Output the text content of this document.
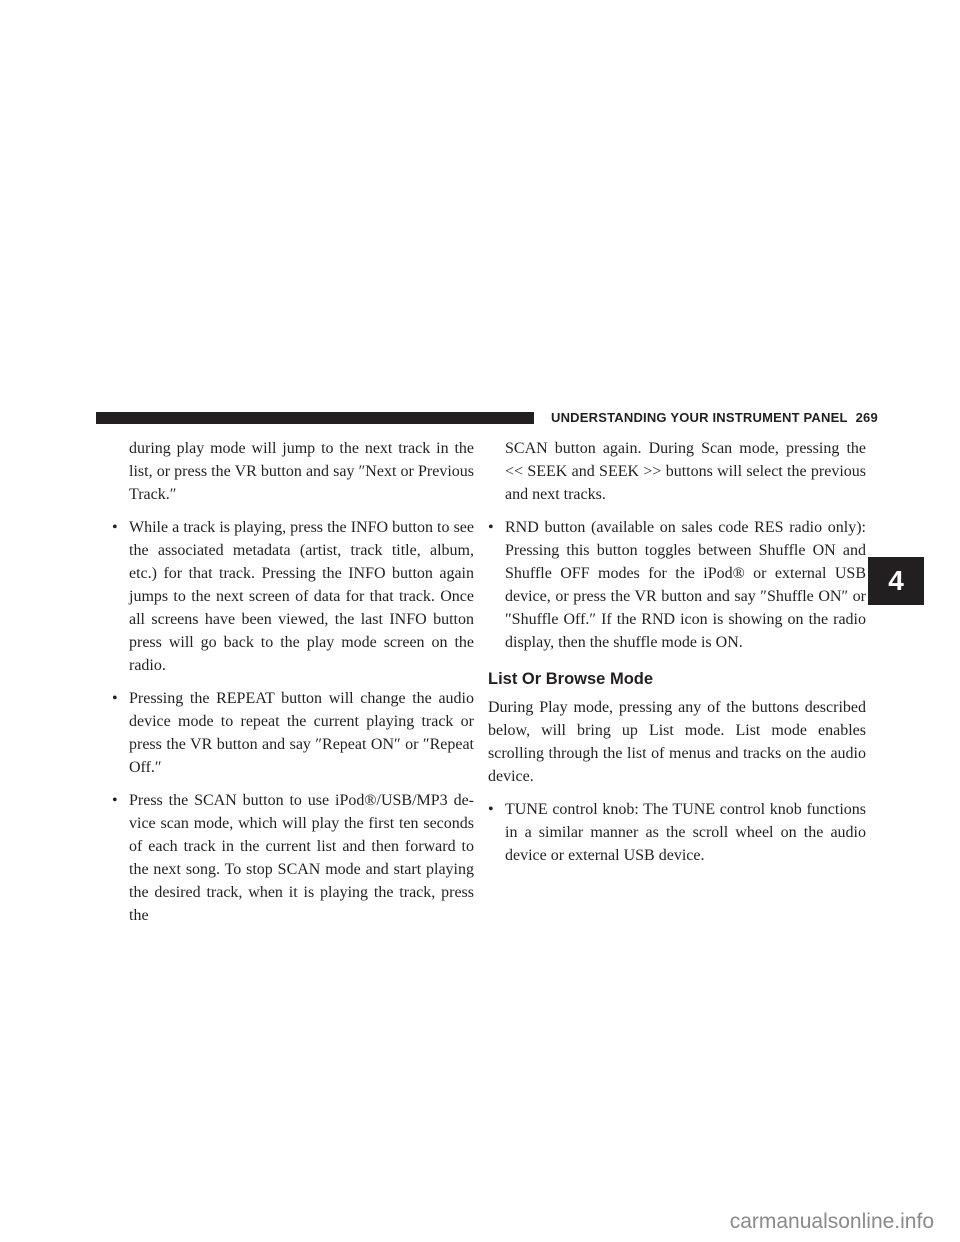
UNDERSTANDING YOUR INSTRUMENT PANEL 269
4

during play mode will jump to the next track in the list, or press the VR button and say ″Next or Previous Track.″

• While a track is playing, press the INFO button to see the associated metadata (artist, track title, album, etc.) for that track. Pressing the INFO button again jumps to the next screen of data for that track. Once all screens have been viewed, the last INFO button press will go back to the play mode screen on the radio.

• Pressing the REPEAT button will change the audio device mode to repeat the current playing track or press the VR button and say ″Repeat ON″ or ″Repeat Off.″

• Press the SCAN button to use iPod®/USB/MP3 de-vice scan mode, which will play the first ten seconds of each track in the current list and then forward to the next song. To stop SCAN mode and start playing the desired track, when it is playing the track, press the

SCAN button again. During Scan mode, pressing the << SEEK and SEEK >> buttons will select the previous and next tracks.

• RND button (available on sales code RES radio only): Pressing this button toggles between Shuffle ON and Shuffle OFF modes for the iPod® or external USB device, or press the VR button and say ″Shuffle ON″ or ″Shuffle Off.″ If the RND icon is showing on the radio display, then the shuffle mode is ON.

List Or Browse Mode

During Play mode, pressing any of the buttons described below, will bring up List mode. List mode enables scrolling through the list of menus and tracks on the audio device.

• TUNE control knob: The TUNE control knob functions in a similar manner as the scroll wheel on the audio device or external USB device.

carmanualsonline.info
